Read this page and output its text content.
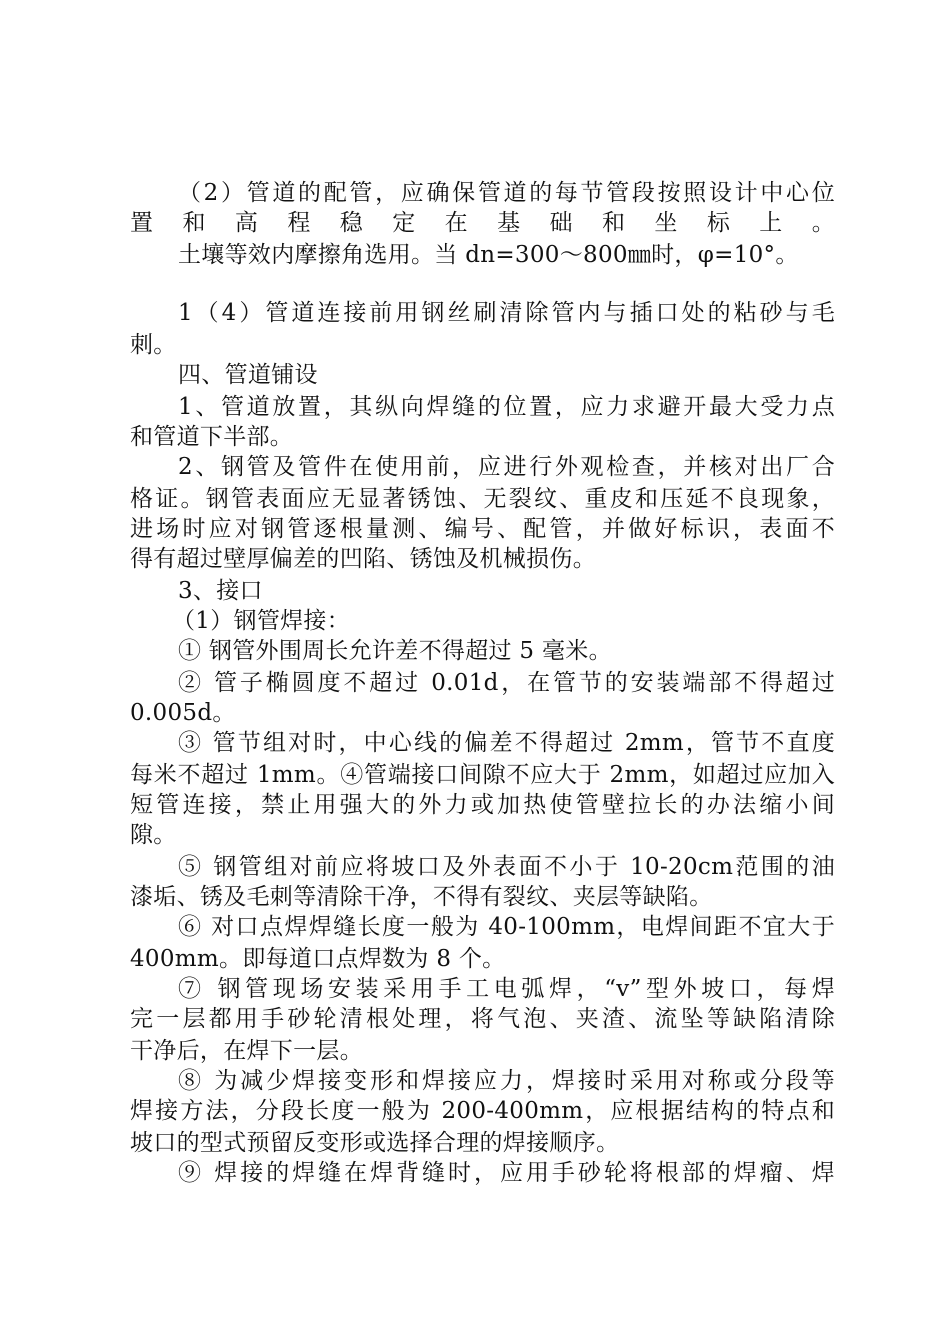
（2）管道的配管，应确保管道的每节管段按照设计中心位
置和高程稳定在基础和坐标上。
土壤等效内摩擦角选用。当 dn=300～800㎜时，φ=10°。
1（4）管道连接前用钢丝刷清除管内与插口处的粘砂与毛
刺。
四、管道铺设
1、管道放置，其纵向焊缝的位置，应力求避开最大受力点
和管道下半部。
2、钢管及管件在使用前，应进行外观检查，并核对出厂合
格证。钢管表面应无显著锈蚀、无裂纹、重皮和压延不良现象，
进场时应对钢管逐根量测、编号、配管，并做好标识，表面不
得有超过壁厚偏差的凹陷、锈蚀及机械损伤。
3、接口
（1）钢管焊接：
① 钢管外围周长允许差不得超过 5 毫米。
② 管子椭圆度不超过 0.01d，在管节的安装端部不得超过
0.005d。
③ 管节组对时，中心线的偏差不得超过 2mm，管节不直度
每米不超过 1mm。④管端接口间隙不应大于 2mm，如超过应加入
短管连接，禁止用强大的外力或加热使管壁拉长的办法缩小间
隙。
⑤ 钢管组对前应将坡口及外表面不小于 10-20cm范围的油
漆垢、锈及毛刺等清除干净，不得有裂纹、夹层等缺陷。
⑥ 对口点焊焊缝长度一般为 40-100mm，电焊间距不宜大于
400mm。即每道口点焊数为 8 个。
⑦ 钢管现场安装采用手工电弧焊，“v”型外坡口，每焊
完一层都用手砂轮清根处理，将气泡、夹渣、流坠等缺陷清除
干净后，在焊下一层。
⑧ 为减少焊接变形和焊接应力，焊接时采用对称或分段等
焊接方法，分段长度一般为 200-400mm，应根据结构的特点和
坡口的型式预留反变形或选择合理的焊接顺序。
⑨ 焊接的焊缝在焊背缝时，应用手砂轮将根部的焊瘤、焊
